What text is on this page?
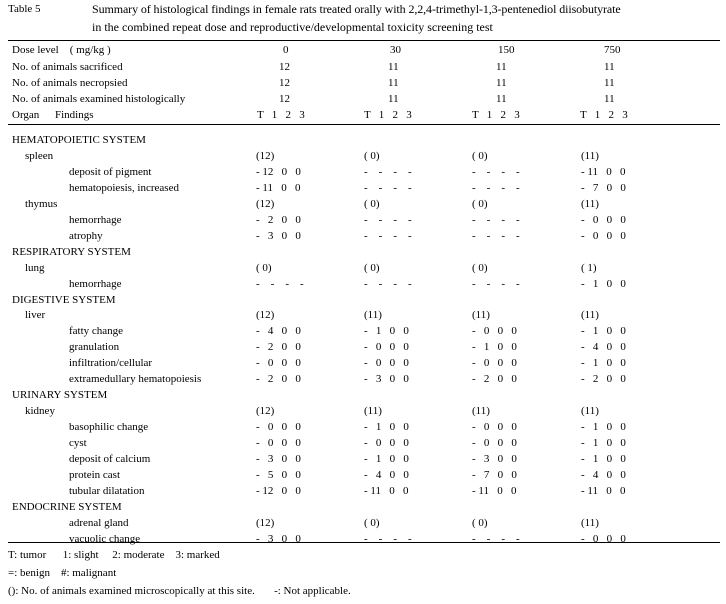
Table 5	Summary of histological findings in female rats treated orally with 2,2,4-trimethyl-1,3-pentenediol diisobutyrate
in the combined repeat dose and reproductive/developmental toxicity screening test
Dose level    ( mg/kg )	0	30	150	750
No. of animals sacrificed	12	11	11	11
No. of animals necropsied	12	11	11	11
No. of animals examined histologically	12	11	11	11
Organ Findings	T   1   2   3	T   1   2   3	T   1   2   3	T   1   2   3
HEMATOPOIETIC SYSTEM
spleen	(12)	( 0)	( 0)	(11)
deposit of pigment	- 12   0   0	-    -    -    -	-    -    -    -	- 11   0   0
hematopoiesis, increased	- 11   0   0	-    -    -    -	-    -    -    -	-   7   0   0
thymus	(12)	( 0)	( 0)	(11)
hemorrhage	-   2   0   0	-    -    -    -	-    -    -    -	-   0   0   0
atrophy	-   3   0   0	-    -    -    -	-    -    -    -	-   0   0   0
RESPIRATORY SYSTEM
lung	( 0)	( 0)	( 0)	( 1)
hemorrhage	-    -    -    -	-    -    -    -	-    -    -    -	-   1   0   0
DIGESTIVE SYSTEM
liver	(12)	(11)	(11)	(11)
fatty change	-   4   0   0	-   1   0   0	-   0   0   0	-   1   0   0
granulation	-   2   0   0	-   0   0   0	-   1   0   0	-   4   0   0
infiltration/cellular	-   0   0   0	-   0   0   0	-   0   0   0	-   1   0   0
extramedullary hematopoiesis	-   2   0   0	-   3   0   0	-   2   0   0	-   2   0   0
URINARY SYSTEM
kidney	(12)	(11)	(11)	(11)
basophilic change	-   0   0   0	-   1   0   0	-   0   0   0	-   1   0   0
cyst	-   0   0   0	-   0   0   0	-   0   0   0	-   1   0   0
deposit of calcium	-   3   0   0	-   1   0   0	-   3   0   0	-   1   0   0
protein cast	-   5   0   0	-   4   0   0	-   7   0   0	-   4   0   0
tubular dilatation	- 12   0   0	- 11   0   0	- 11   0   0	- 11   0   0
ENDOCRINE SYSTEM
adrenal gland	(12)	( 0)	( 0)	(11)
vacuolic change	-   3   0   0	-    -    -    -	-    -    -    -	-   0   0   0
T: tumor      1: slight     2: moderate    3: marked
=: benign    #: malignant
(): No. of animals examined microscopically at this site.       -: Not applicable.
